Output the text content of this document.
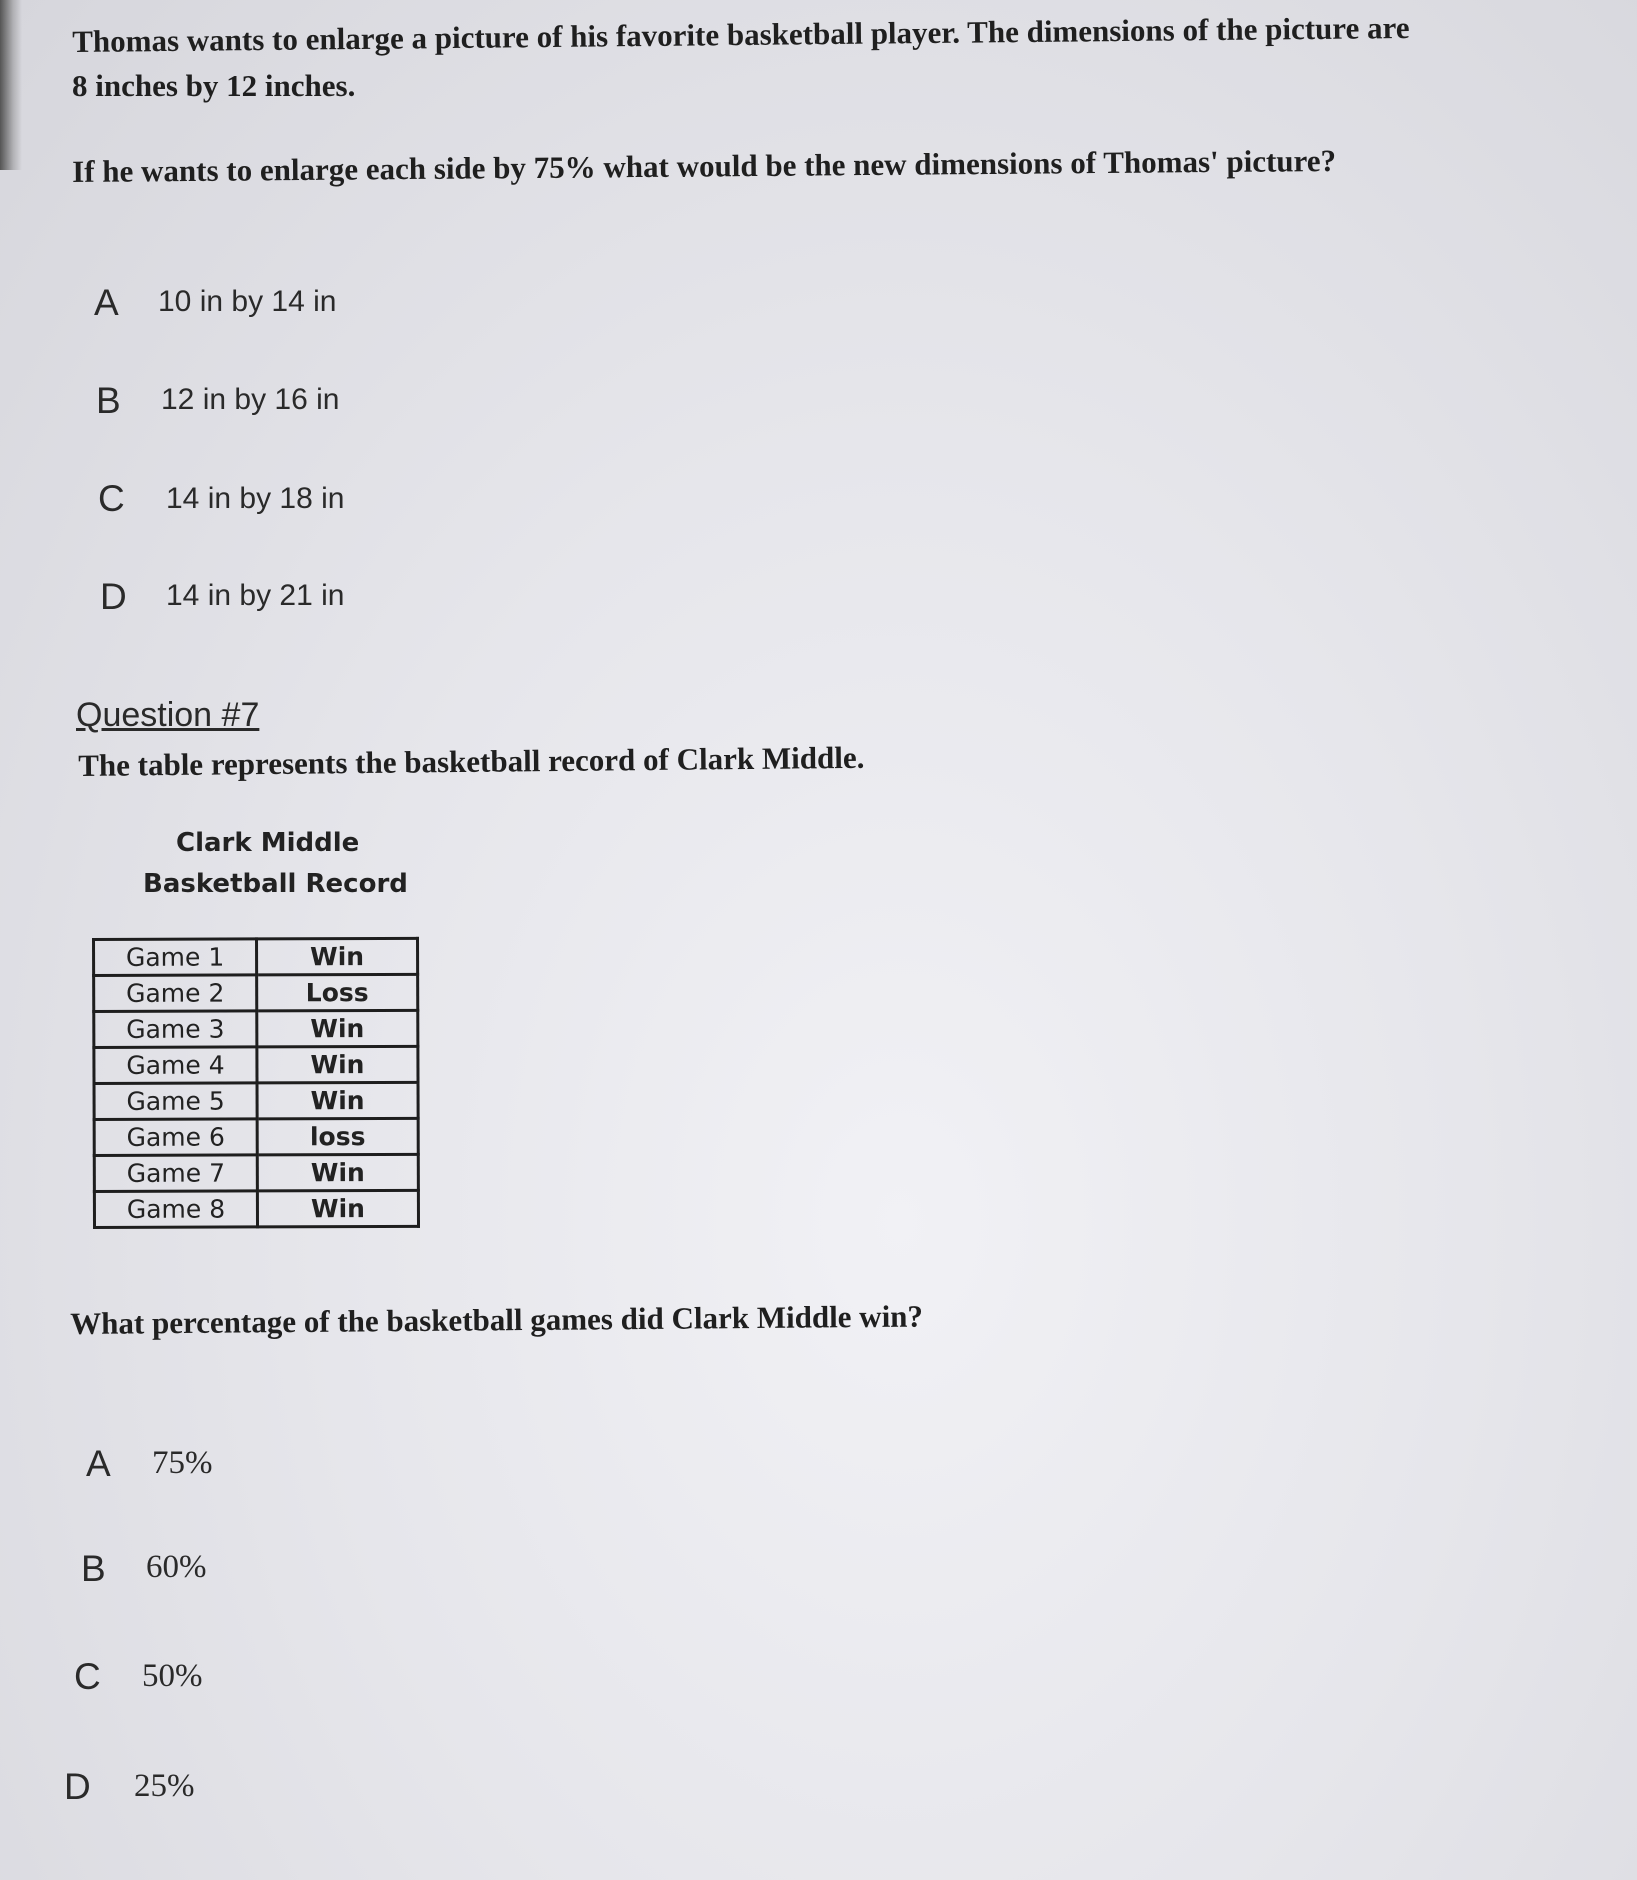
Thomas wants to enlarge a picture of his favorite basketball player. The dimensions of the picture are
8 inches by 12 inches.
If he wants to enlarge each side by 75% what would be the new dimensions of Thomas' picture?
A 10 in by 14 in
B 12 in by 16 in
C 14 in by 18 in
D 14 in by 21 in
Question #7
The table represents the basketball record of Clark Middle.
Clark Middle
Basketball Record
Game 1	Win
Game 2	Loss
Game 3	Win
Game 4	Win
Game 5	Win
Game 6	loss
Game 7	Win
Game 8	Win
What percentage of the basketball games did Clark Middle win?
A 75%
B 60%
C 50%
D 25%
